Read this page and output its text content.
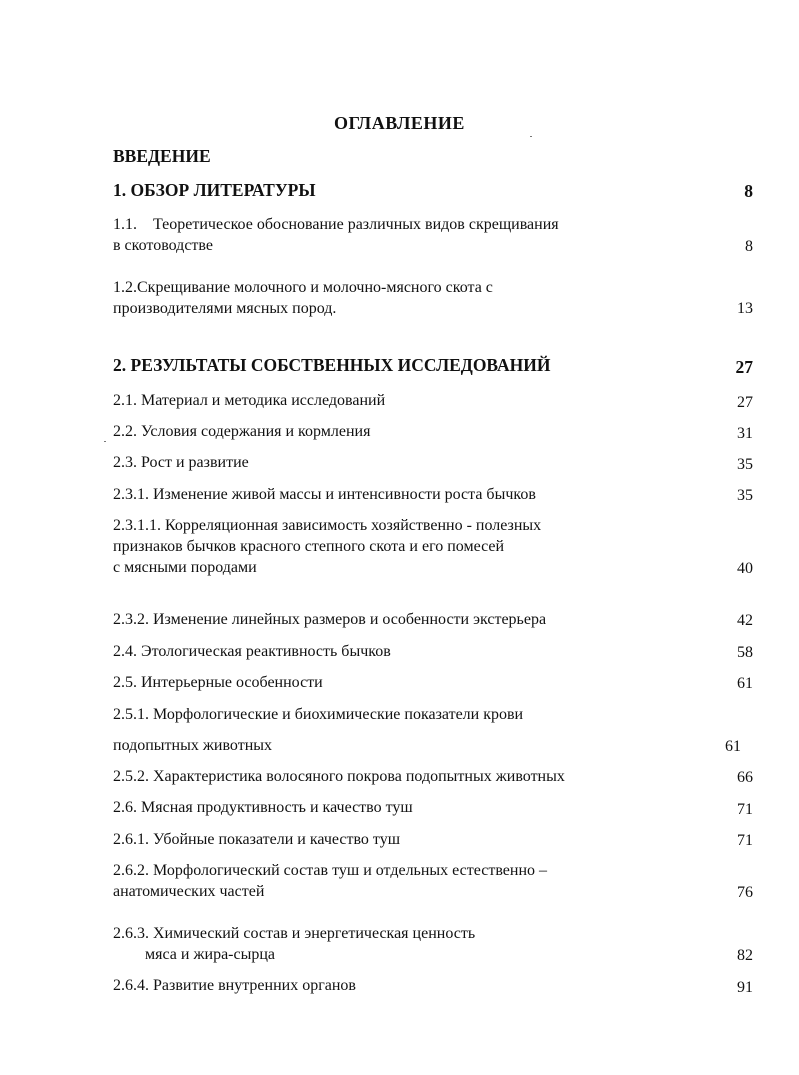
ОГЛАВЛЕНИЕ
ВВЕДЕНИЕ
1. ОБЗОР ЛИТЕРАТУРЫ	8
1.1.    Теоретическое обоснование различных видов скрещивания
в скотоводстве	8
1.2.Скрещивание молочного и молочно-мясного скота с
производителями мясных пород.	13
2. РЕЗУЛЬТАТЫ СОБСТВЕННЫХ ИССЛЕДОВАНИЙ	27
2.1. Материал и методика исследований	27
2.2. Условия содержания и кормления	31
2.3. Рост и развитие	35
2.3.1. Изменение живой массы и интенсивности роста бычков	35
2.3.1.1. Корреляционная зависимость хозяйственно - полезных
признаков бычков красного степного скота и его помесей
с мясными породами	40
2.3.2. Изменение линейных размеров и особенности экстерьера	42
2.4. Этологическая реактивность бычков	58
2.5. Интерьерные особенности	61
2.5.1. Морфологические и биохимические показатели крови
подопытных животных	61
2.5.2. Характеристика волосяного покрова подопытных животных	66
2.6. Мясная продуктивность и качество туш	71
2.6.1. Убойные показатели и качество туш	71
2.6.2. Морфологический состав туш и отдельных естественно –
анатомических частей	76
2.6.3. Химический состав и энергетическая ценность
мяса и жира-сырца	82
2.6.4. Развитие внутренних органов	91
